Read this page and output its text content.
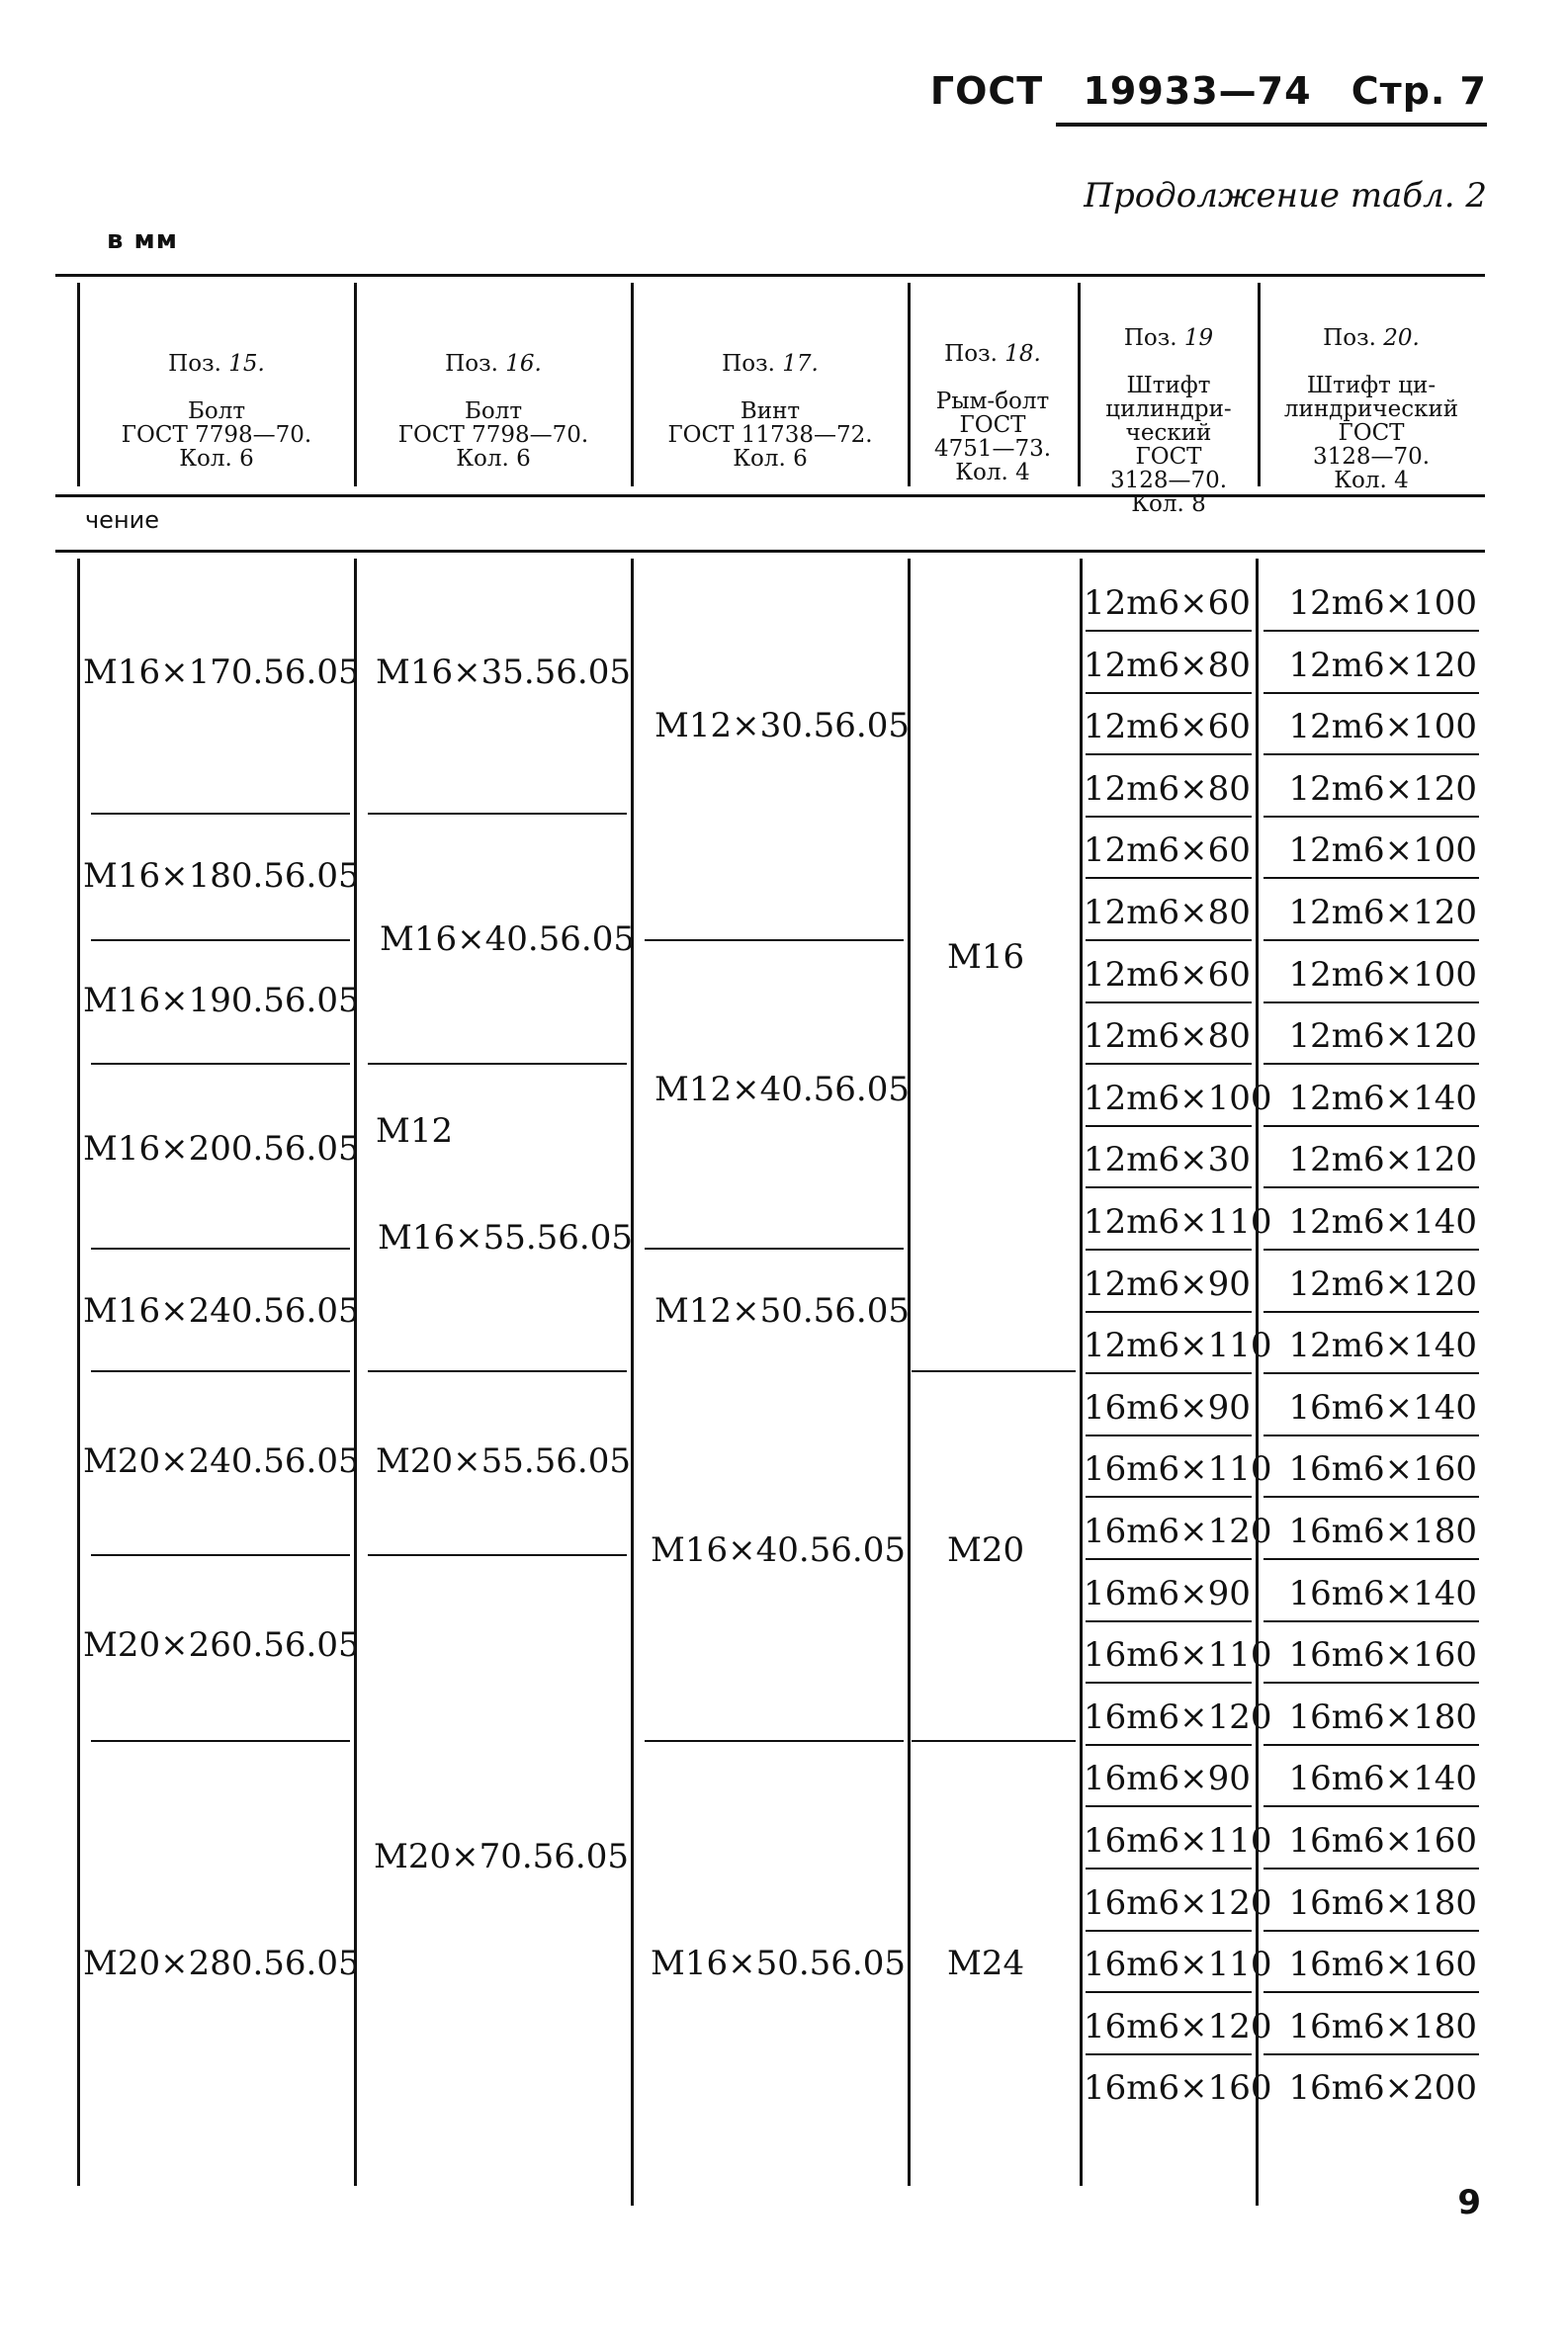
ГОСТ 19933—74 Стр. 7
Продолжение табл. 2
в мм

Поз. 15.

Болт
ГОСТ 7798—70.
Кол. 6

Поз. 16.

Болт
ГОСТ 7798—70.
Кол. 6

Поз. 17.

Винт
ГОСТ 11738—72.
Кол. 6

Поз. 18.

Рым-болт
ГОСТ
4751—73.
Кол. 4

Поз. 19

Штифт
цилиндри-
ческий
ГОСТ
3128—70.
Кол. 8

Поз. 20.

Штифт ци-
линдрический
ГОСТ
3128—70.
Кол. 4

чение
M16×170.56.05
M16×180.56.05
M16×190.56.05
M16×200.56.05
M16×240.56.05
M20×240.56.05
M20×260.56.05
M20×280.56.05
M16×35.56.05
M16×40.56.05
M12
M16×55.56.05
M20×55.56.05
M20×70.56.05
M12×30.56.05
M12×40.56.05
M12×50.56.05
M16×40.56.05
M16×50.56.05
M16
M20
M24
12m6×60 12m6×100
12m6×80 12m6×120
12m6×60 12m6×100
12m6×80 12m6×120
12m6×60 12m6×100
12m6×80 12m6×120
12m6×60 12m6×100
12m6×80 12m6×120
12m6×100 12m6×140
12m6×30 12m6×120
12m6×110 12m6×140
12m6×90 12m6×120
12m6×110 12m6×140
16m6×90 16m6×140
16m6×110 16m6×160
16m6×120 16m6×180
16m6×90 16m6×140
16m6×110 16m6×160
16m6×120 16m6×180
16m6×90 16m6×140
16m6×110 16m6×160
16m6×120 16m6×180
16m6×110 16m6×160
16m6×120 16m6×180
16m6×160 16m6×200
9
